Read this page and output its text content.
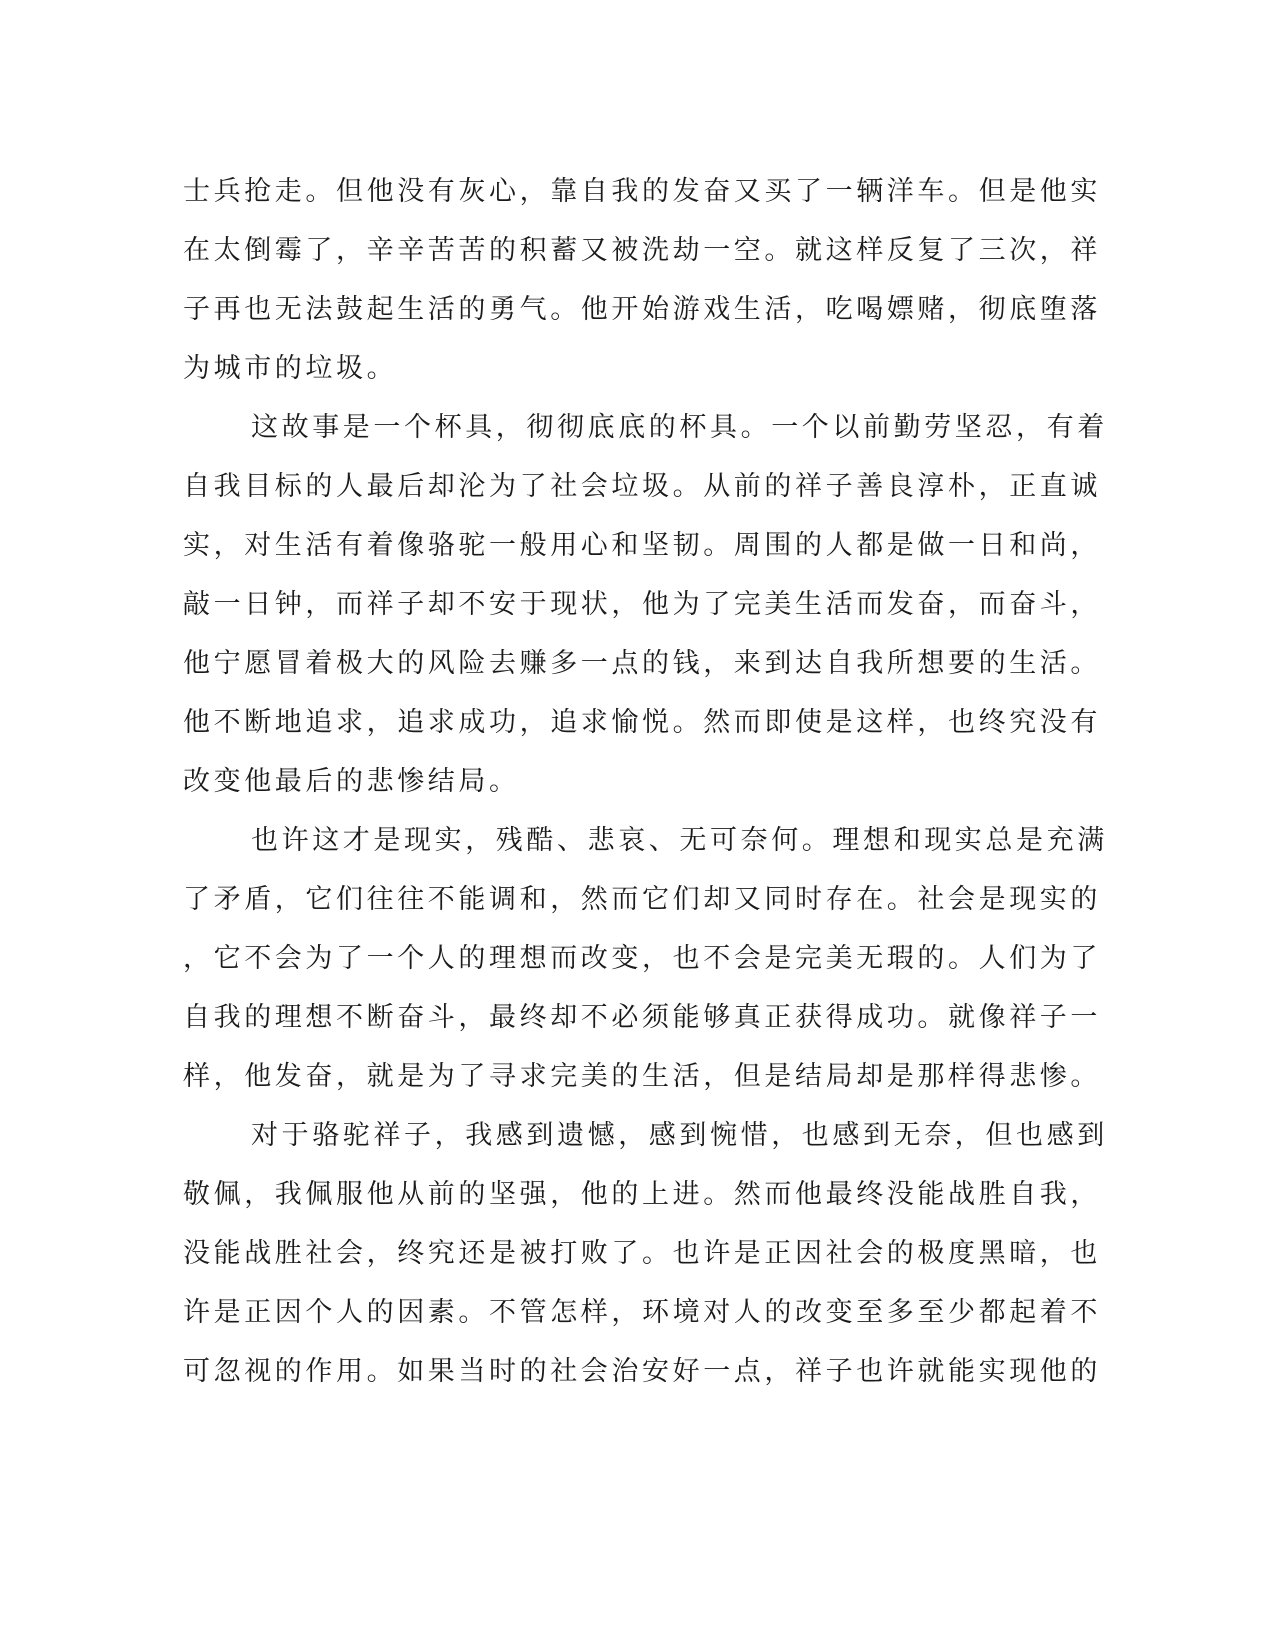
士兵抢走。但他没有灰心，靠自我的发奋又买了一辆洋车。但是他实
在太倒霉了，辛辛苦苦的积蓄又被洗劫一空。就这样反复了三次，祥
子再也无法鼓起生活的勇气。他开始游戏生活，吃喝嫖赌，彻底堕落
为城市的垃圾。
这故事是一个杯具，彻彻底底的杯具。一个以前勤劳坚忍，有着
自我目标的人最后却沦为了社会垃圾。从前的祥子善良淳朴，正直诚
实，对生活有着像骆驼一般用心和坚韧。周围的人都是做一日和尚，
敲一日钟，而祥子却不安于现状，他为了完美生活而发奋，而奋斗，
他宁愿冒着极大的风险去赚多一点的钱，来到达自我所想要的生活。
他不断地追求，追求成功，追求愉悦。然而即使是这样，也终究没有
改变他最后的悲惨结局。
也许这才是现实，残酷、悲哀、无可奈何。理想和现实总是充满
了矛盾，它们往往不能调和，然而它们却又同时存在。社会是现实的
，它不会为了一个人的理想而改变，也不会是完美无瑕的。人们为了
自我的理想不断奋斗，最终却不必须能够真正获得成功。就像祥子一
样，他发奋，就是为了寻求完美的生活，但是结局却是那样得悲惨。
对于骆驼祥子，我感到遗憾，感到惋惜，也感到无奈，但也感到
敬佩，我佩服他从前的坚强，他的上进。然而他最终没能战胜自我，
没能战胜社会，终究还是被打败了。也许是正因社会的极度黑暗，也
许是正因个人的因素。不管怎样，环境对人的改变至多至少都起着不
可忽视的作用。如果当时的社会治安好一点，祥子也许就能实现他的
